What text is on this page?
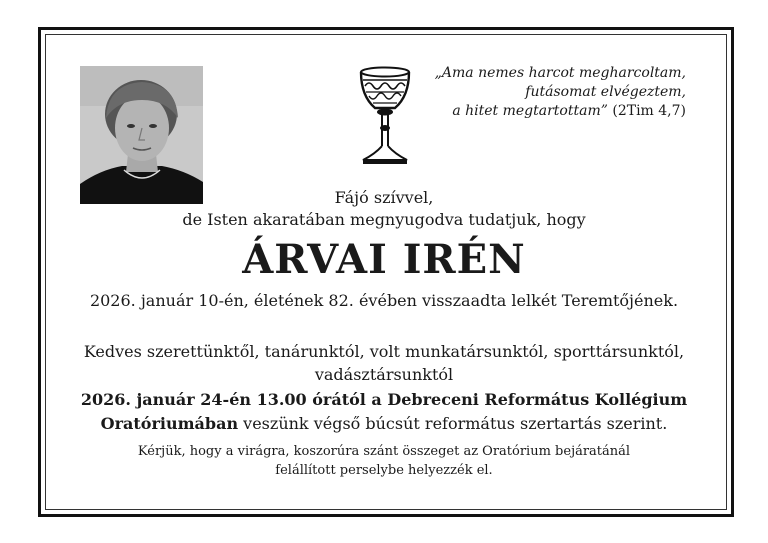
„Ama nemes harcot megharcoltam,
futásomat elvégeztem,
a hitet megtartottam” (2Tim 4,7)
Fájó szívvel,
de Isten akaratában megnyugodva tudatjuk, hogy
ÁRVAI IRÉN
2026. január 10-én, életének 82. évében visszaadta lelkét Teremtőjének.
Kedves szerettünktől, tanárunktól, volt munkatársunktól, sporttársunktól,
vadásztársunktól
2026. január 24-én 13.00 órától a Debreceni Református Kollégium
Oratóriumában veszünk végső búcsút református szertartás szerint.
Kérjük, hogy a virágra, koszorúra szánt összeget az Oratórium bejáratánál
felállított perselybe helyezzék el.
